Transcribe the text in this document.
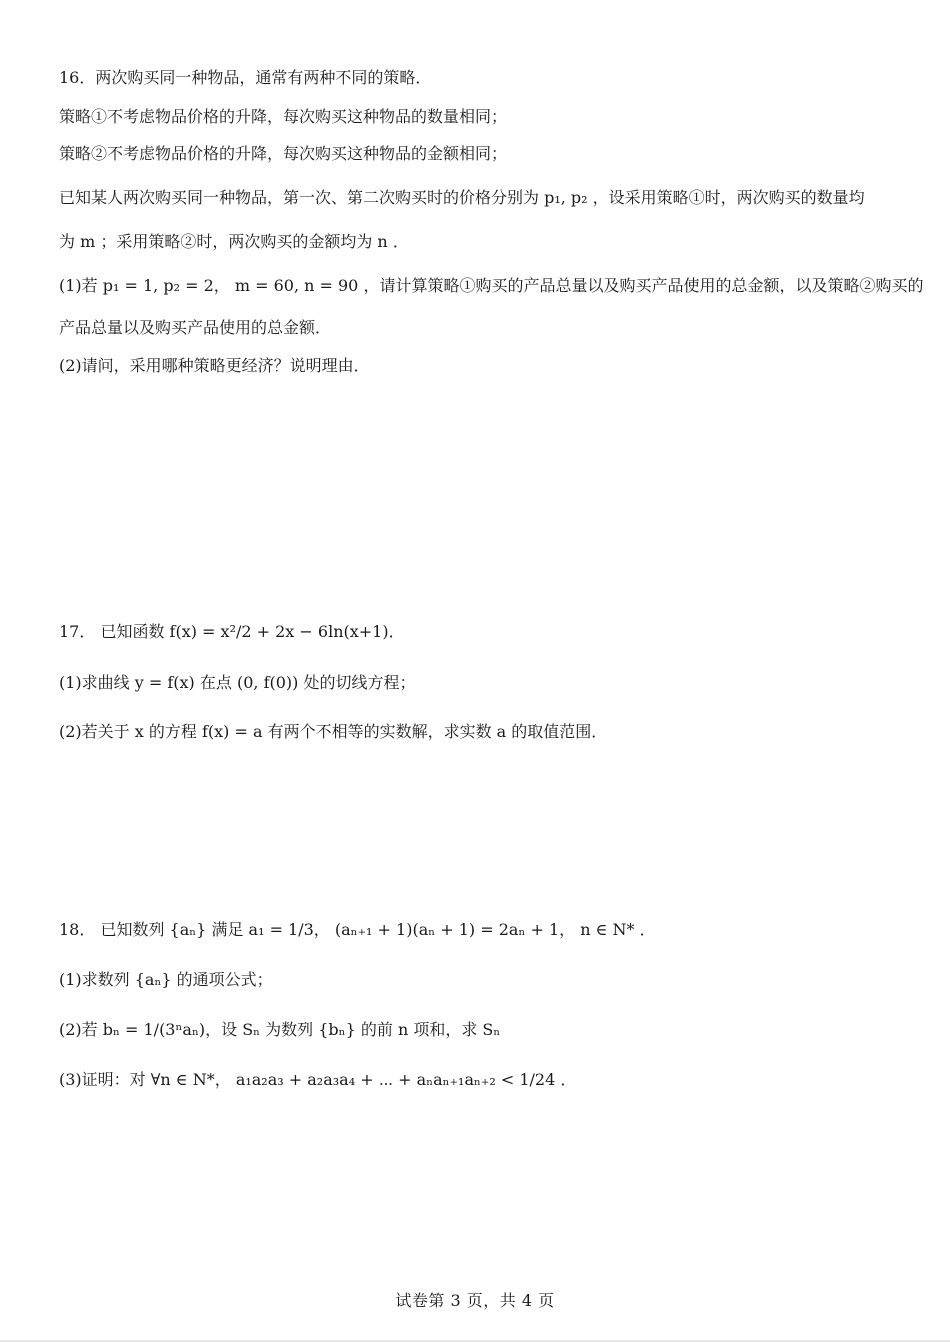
16．两次购买同一种物品，通常有两种不同的策略．
策略①不考虑物品价格的升降，每次购买这种物品的数量相同；
策略②不考虑物品价格的升降，每次购买这种物品的金额相同；
已知某人两次购买同一种物品，第一次、第二次购买时的价格分别为 p₁, p₂ ，设采用策略①时，两次购买的数量均
为 m ；采用策略②时，两次购买的金额均为 n ．
(1)若 p₁ = 1, p₂ = 2， m = 60, n = 90 ，请计算策略①购买的产品总量以及购买产品使用的总金额，以及策略②购买的
产品总量以及购买产品使用的总金额．
(2)请问，采用哪种策略更经济？说明理由．
17． 已知函数 f(x) = x²/2 + 2x − 6ln(x+1)．
(1)求曲线 y = f(x) 在点 (0, f(0)) 处的切线方程；
(2)若关于 x 的方程 f(x) = a 有两个不相等的实数解，求实数 a 的取值范围．
18． 已知数列 {aₙ} 满足 a₁ = 1/3， (aₙ₊₁ + 1)(aₙ + 1) = 2aₙ + 1， n ∈ N* ．
(1)求数列 {aₙ} 的通项公式；
(2)若 bₙ = 1/(3ⁿaₙ)，设 Sₙ 为数列 {bₙ} 的前 n 项和，求 Sₙ
(3)证明：对 ∀n ∈ N*， a₁a₂a₃ + a₂a₃a₄ + ⋯ + aₙaₙ₊₁aₙ₊₂ < 1/24 ．
试卷第 3 页，共 4 页
